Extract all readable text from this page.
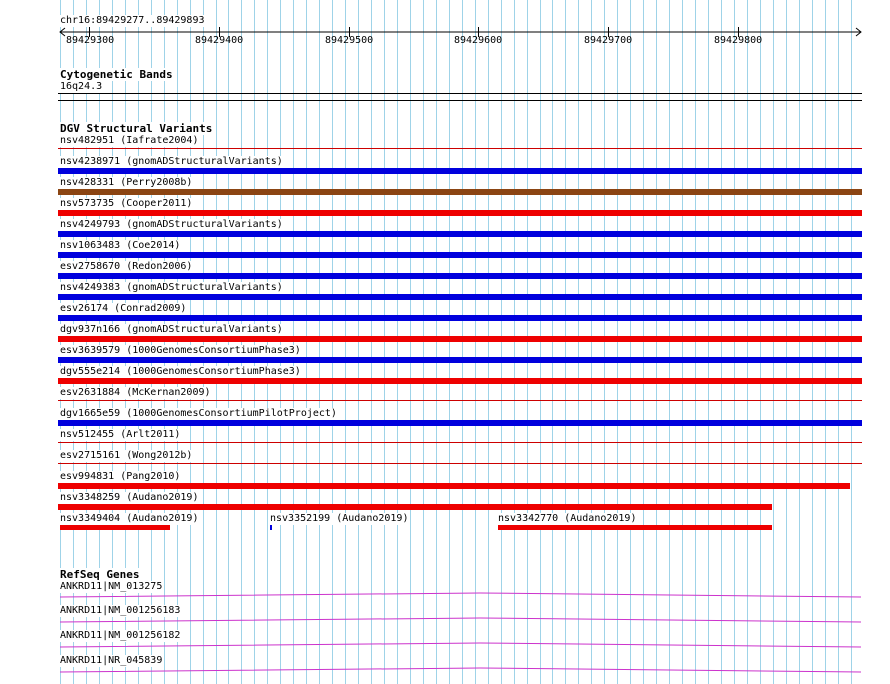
chr16:89429277..89429893
89429300	89429400	89429500	89429600	89429700	89429800
Cytogenetic Bands
16q24.3
DGV Structural Variants
nsv482951 (Iafrate2004)
nsv4238971 (gnomADStructuralVariants)
nsv428331 (Perry2008b)
nsv573735 (Cooper2011)
nsv4249793 (gnomADStructuralVariants)
nsv1063483 (Coe2014)
esv2758670 (Redon2006)
nsv4249383 (gnomADStructuralVariants)
esv26174 (Conrad2009)
dgv937n166 (gnomADStructuralVariants)
esv3639579 (1000GenomesConsortiumPhase3)
dgv555e214 (1000GenomesConsortiumPhase3)
esv2631884 (McKernan2009)
dgv1665e59 (1000GenomesConsortiumPilotProject)
nsv512455 (Arlt2011)
esv2715161 (Wong2012b)
esv994831 (Pang2010)
nsv3348259 (Audano2019)
nsv3349404 (Audano2019)	nsv3352199 (Audano2019)	nsv3342770 (Audano2019)
RefSeq Genes
ANKRD11|NM_013275
ANKRD11|NM_001256183
ANKRD11|NM_001256182
ANKRD11|NR_045839
